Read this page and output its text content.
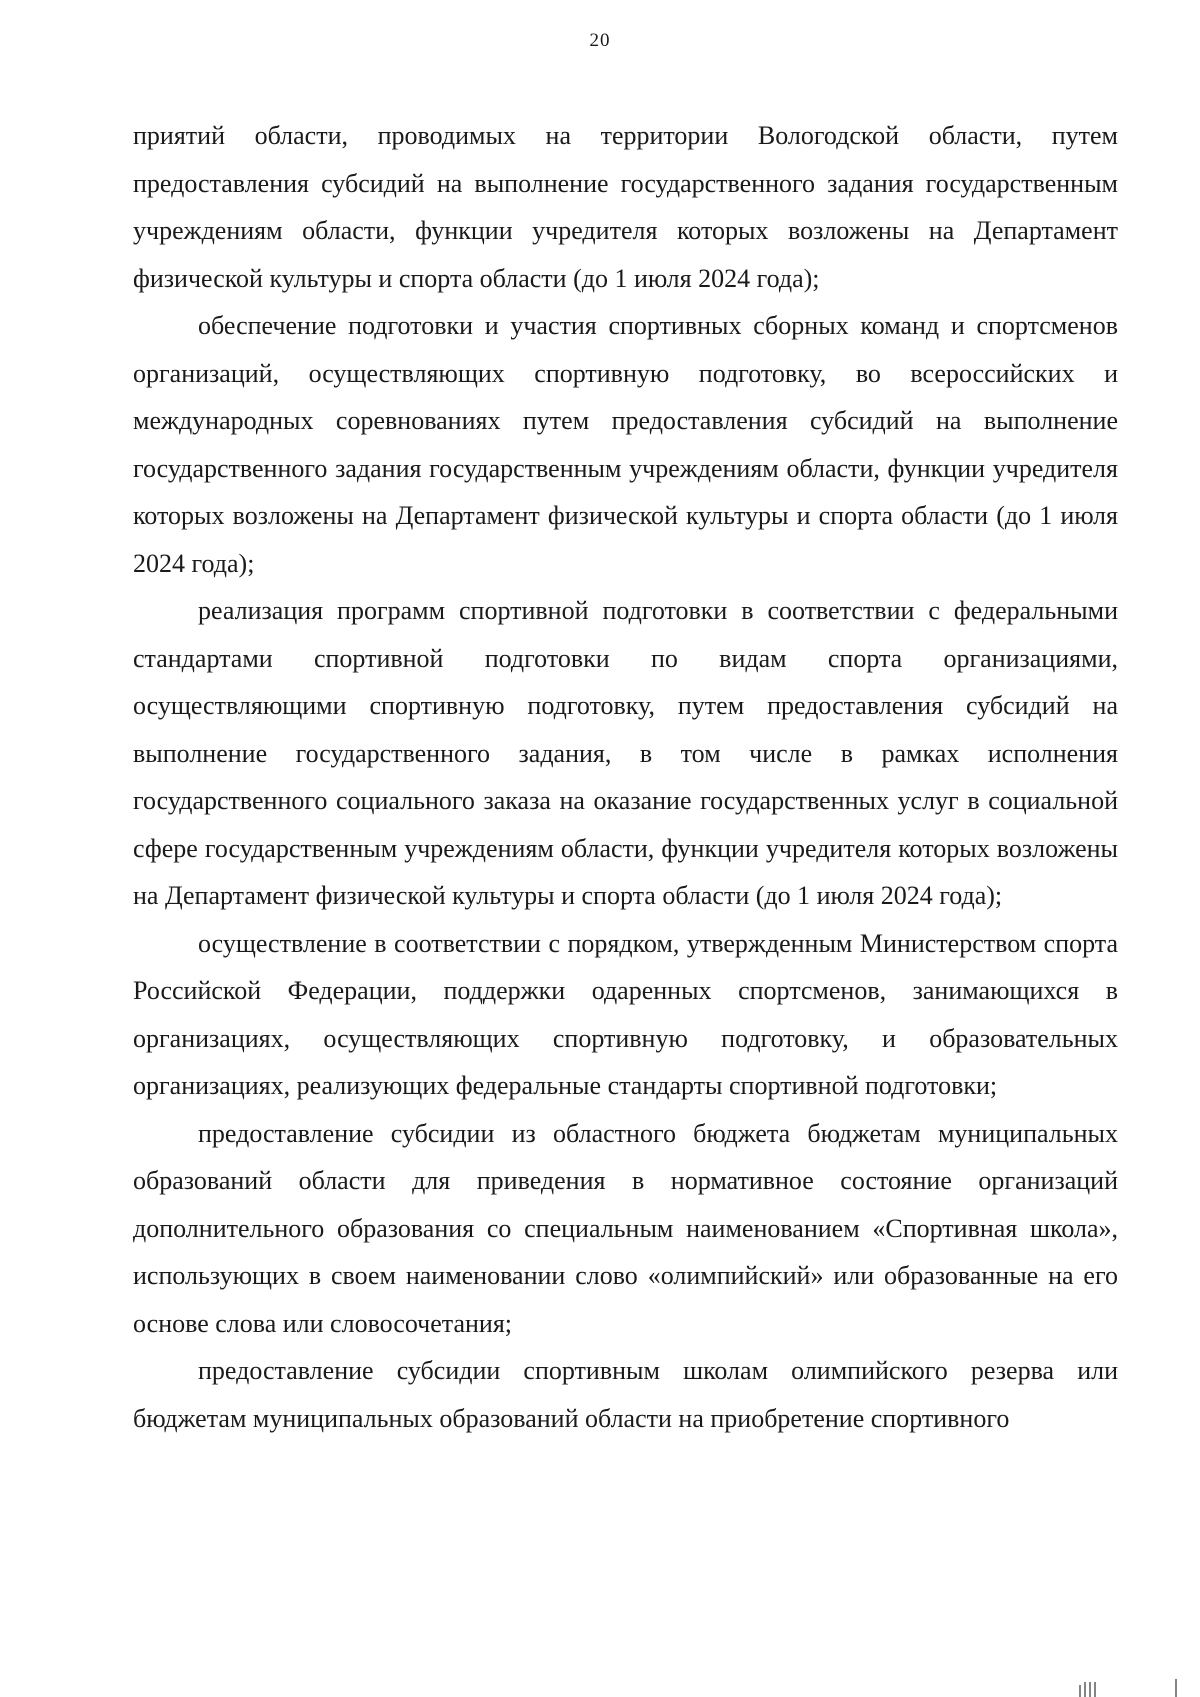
20

приятий области, проводимых на территории Вологодской области, путем предоставления субсидий на выполнение государственного задания государственным учреждениям области, функции учредителя которых возложены на Департамент физической культуры и спорта области (до 1 июля 2024 года);

обеспечение подготовки и участия спортивных сборных команд и спортсменов организаций, осуществляющих спортивную подготовку, во всероссийских и международных соревнованиях путем предоставления субсидий на выполнение государственного задания государственным учреждениям области, функции учредителя которых возложены на Департамент физической культуры и спорта области (до 1 июля 2024 года);

реализация программ спортивной подготовки в соответствии с федеральными стандартами спортивной подготовки по видам спорта организациями, осуществляющими спортивную подготовку, путем предоставления субсидий на выполнение государственного задания, в том числе в рамках исполнения государственного социального заказа на оказание государственных услуг в социальной сфере государственным учреждениям области, функции учредителя которых возложены на Департамент физической культуры и спорта области (до 1 июля 2024 года);

осуществление в соответствии с порядком, утвержденным Министерством спорта Российской Федерации, поддержки одаренных спортсменов, занимающихся в организациях, осуществляющих спортивную подготовку, и образовательных организациях, реализующих федеральные стандарты спортивной подготовки;

предоставление субсидии из областного бюджета бюджетам муниципальных образований области для приведения в нормативное состояние организаций дополнительного образования со специальным наименованием «Спортивная школа», использующих в своем наименовании слово «олимпийский» или образованные на его основе слова или словосочетания;

предоставление субсидии спортивным школам олимпийского резерва или бюджетам муниципальных образований области на приобретение спортивного
